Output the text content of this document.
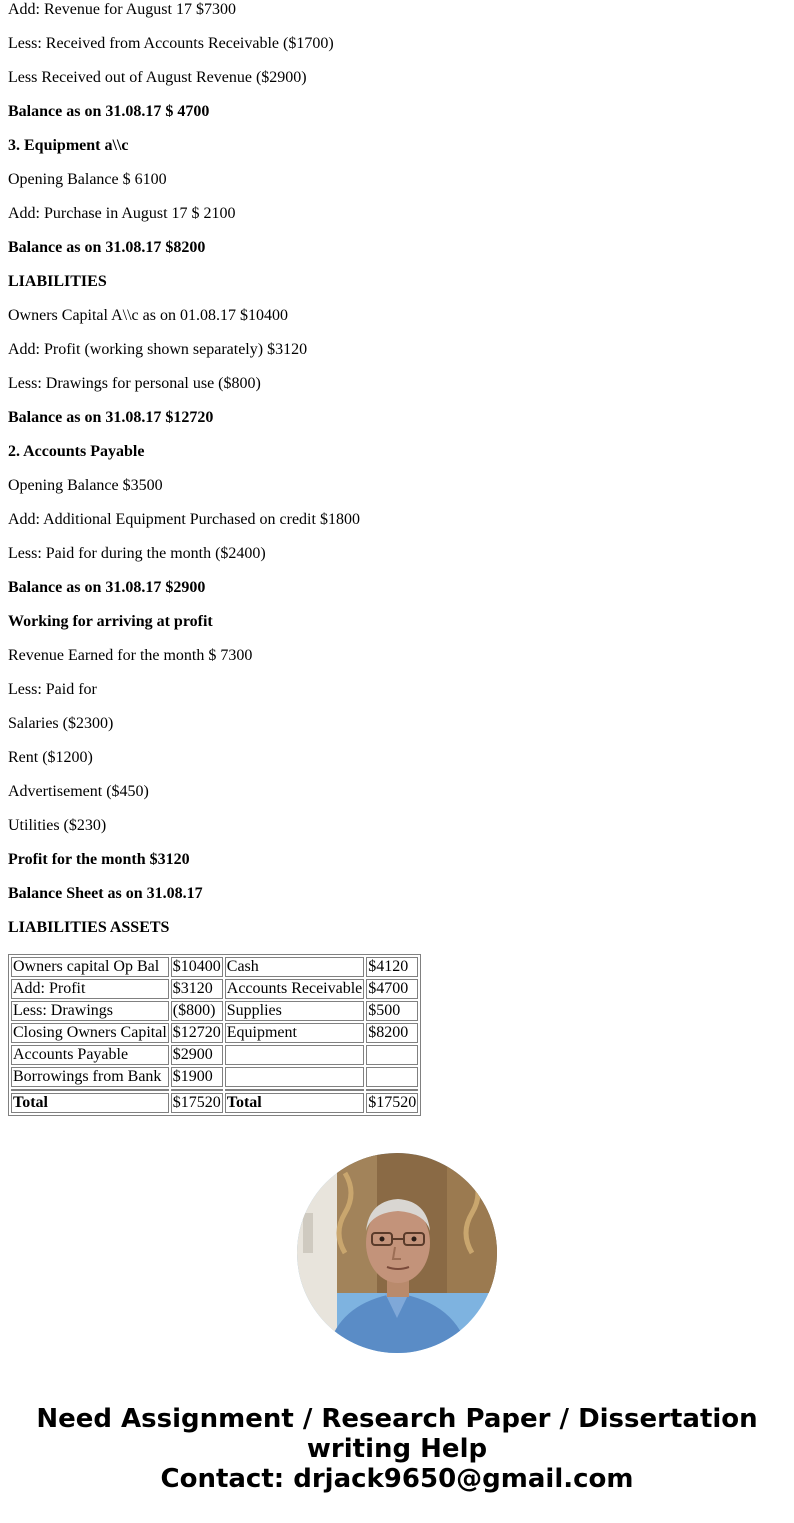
Add: Revenue for August 17 $7300
Less: Received from Accounts Receivable ($1700)
Less Received out of August Revenue ($2900)
Balance as on 31.08.17 $ 4700
3. Equipment a\\c
Opening Balance $ 6100
Add: Purchase in August 17 $ 2100
Balance as on 31.08.17 $8200
LIABILITIES
Owners Capital A\\c as on 01.08.17 $10400
Add: Profit (working shown separately) $3120
Less: Drawings for personal use ($800)
Balance as on 31.08.17 $12720
2. Accounts Payable
Opening Balance $3500
Add: Additional Equipment Purchased on credit $1800
Less: Paid for during the month ($2400)
Balance as on 31.08.17 $2900
Working for arriving at profit
Revenue Earned for the month $ 7300
Less: Paid for
Salaries ($2300)
Rent ($1200)
Advertisement ($450)
Utilities ($230)
Profit for the month $3120
Balance Sheet as on 31.08.17
LIABILITIES ASSETS
Owners capital Op Bal	$10400	Cash	$4120
Add: Profit	$3120	Accounts Receivable	$4700
Less: Drawings	($800)	Supplies	$500
Closing Owners Capital	$12720	Equipment	$8200
Accounts Payable	$2900		
Borrowings from Bank	$1900		

Total	$17520	Total	$17520
Need Assignment / Research Paper / Dissertation
writing Help
Contact: drjack9650@gmail.com
